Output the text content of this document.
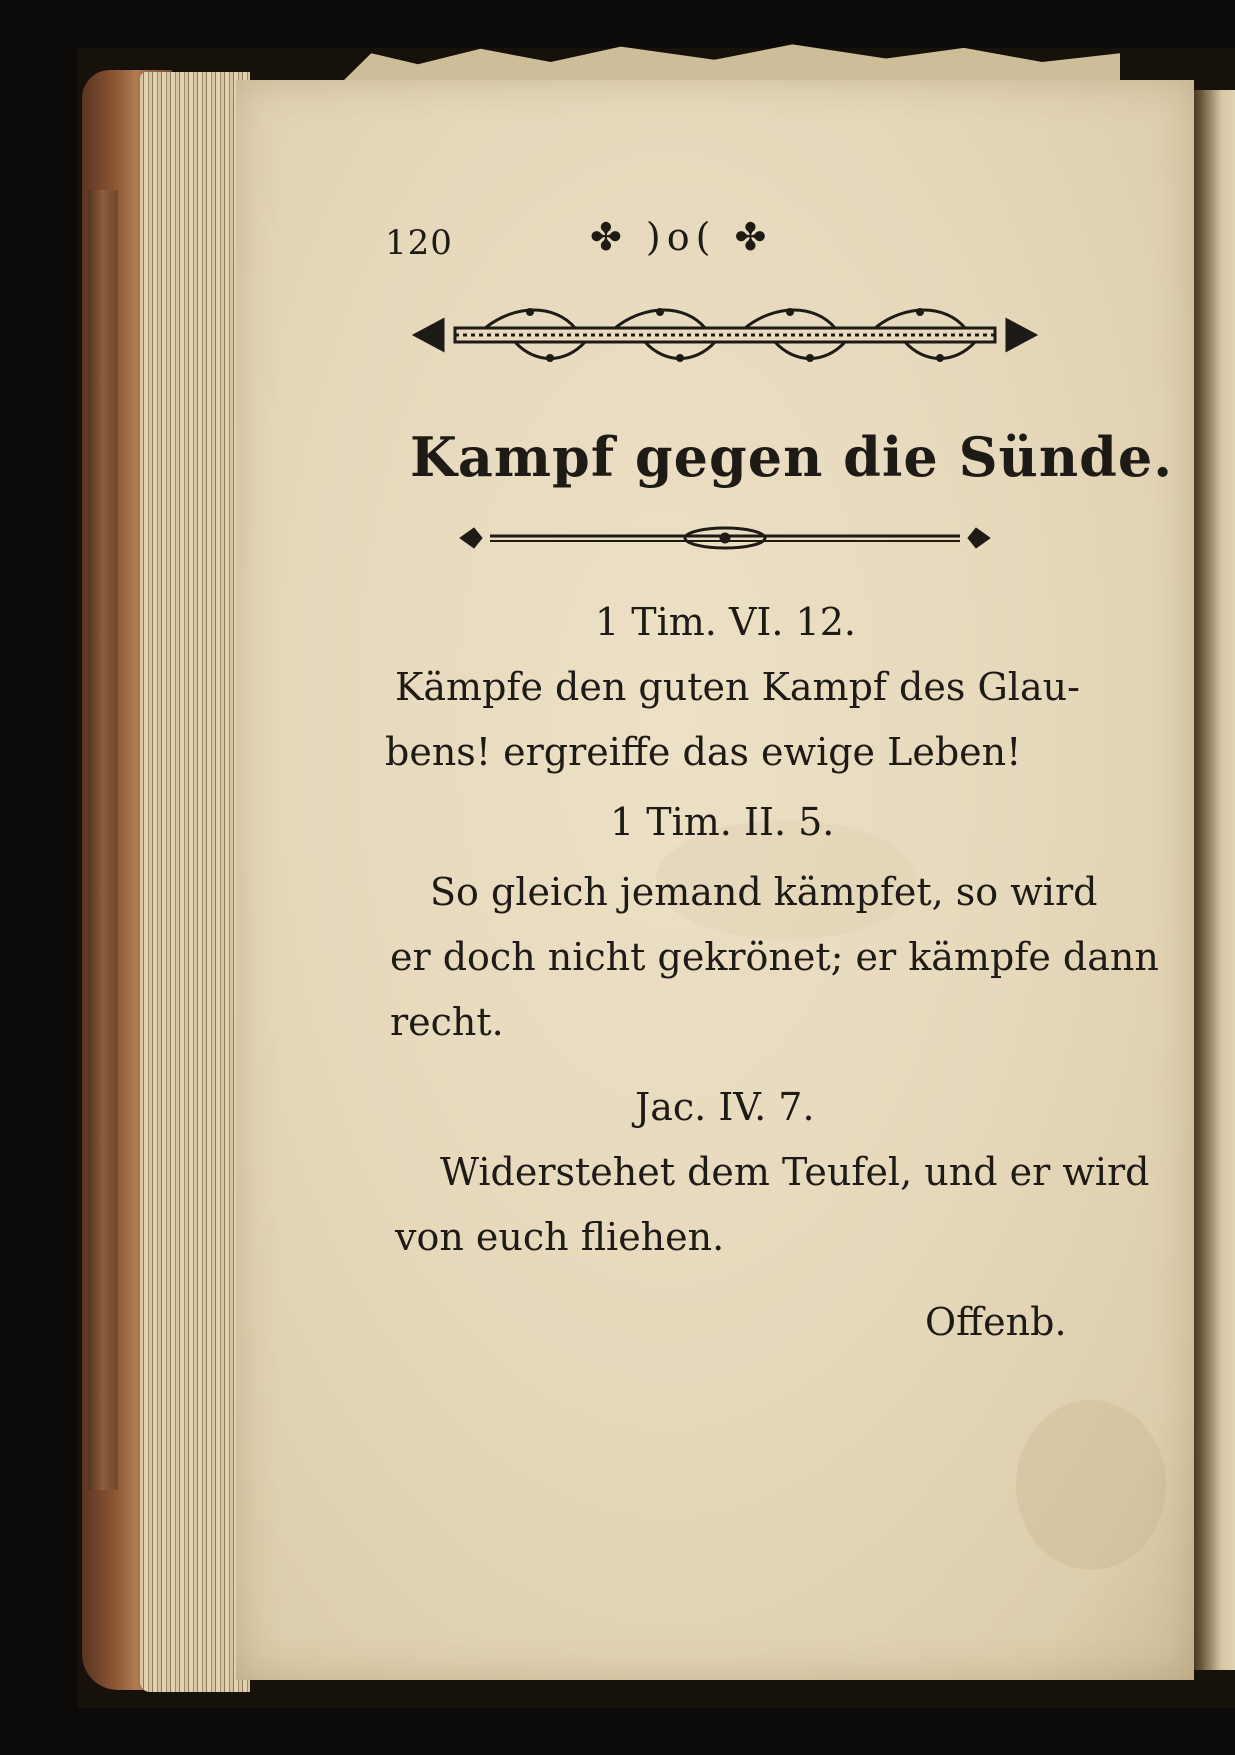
120	✤ )o( ✤
Kampf gegen die Sünde.
1 Tim. VI. 12.
Kämpfe den guten Kampf des Glau-
bens! ergreiffe das ewige Leben!
1 Tim. II. 5.
So gleich jemand kämpfet, so wird
er doch nicht gekrönet; er kämpfe dann
recht.
Jac. IV. 7.
Widerstehet dem Teufel, und er wird
von euch fliehen.
Offenb.
